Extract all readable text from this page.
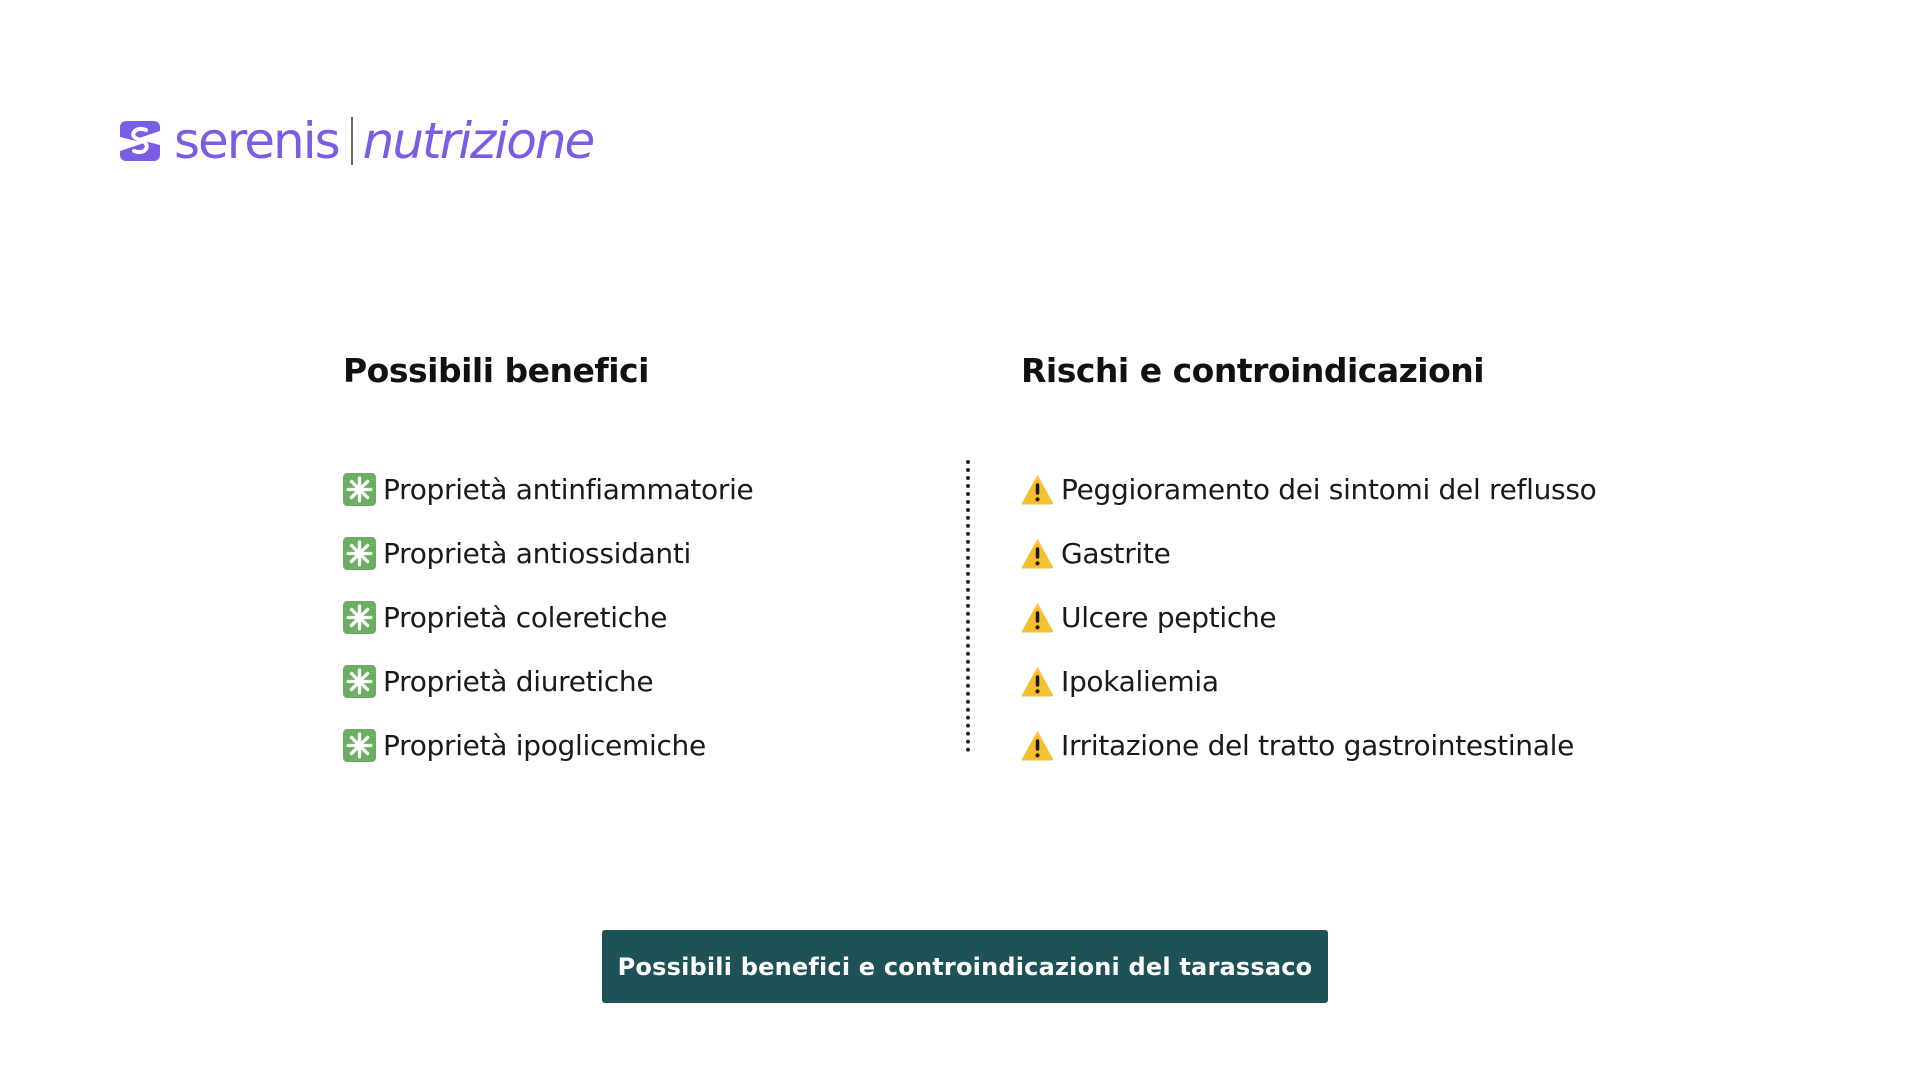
serenis nutrizione
Possibili benefici
Proprietà antinfiammatorie
Proprietà antiossidanti
Proprietà coleretiche
Proprietà diuretiche
Proprietà ipoglicemiche
Rischi e controindicazioni
Peggioramento dei sintomi del reflusso
Gastrite
Ulcere peptiche
Ipokaliemia
Irritazione del tratto gastrointestinale
Possibili benefici e controindicazioni del tarassaco
